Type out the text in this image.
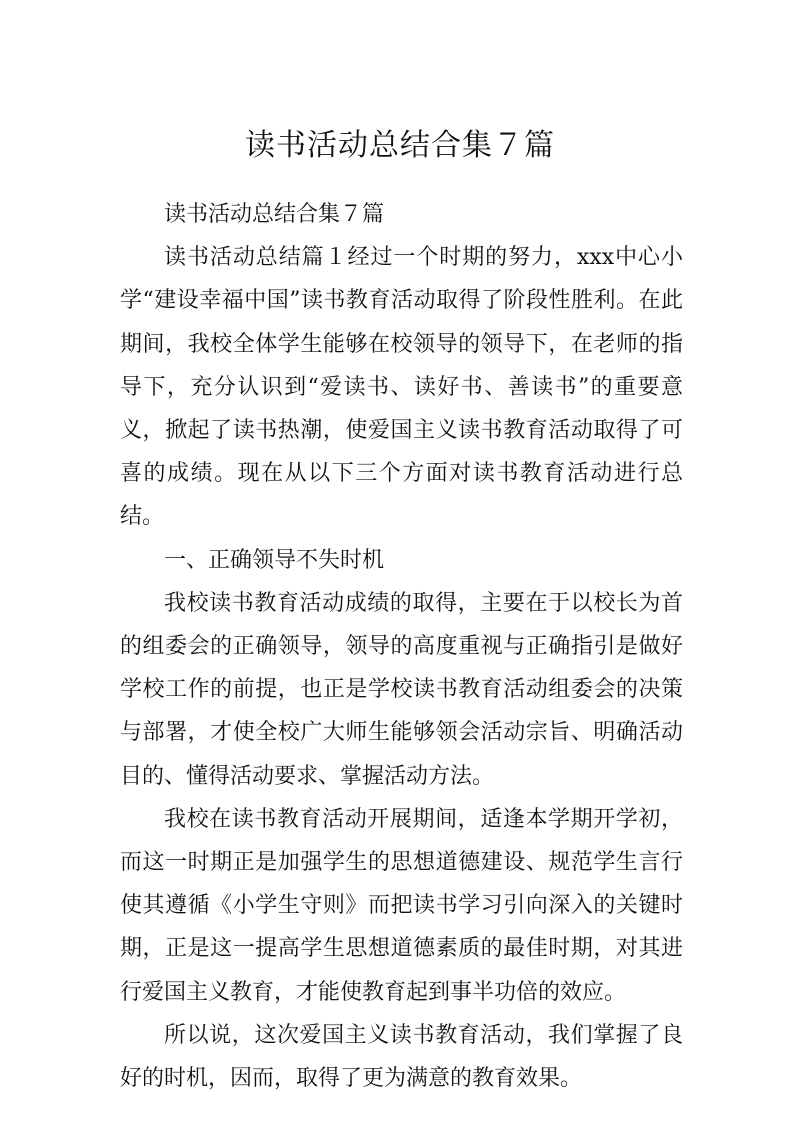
读书活动总结合集７篇

读书活动总结合集７篇

读书活动总结篇１经过一个时期的努力，xxx中心小学“建设幸福中国”读书教育活动取得了阶段性胜利。在此期间，我校全体学生能够在校领导的领导下，在老师的指导下，充分认识到“爱读书、读好书、善读书”的重要意义，掀起了读书热潮，使爱国主义读书教育活动取得了可喜的成绩。现在从以下三个方面对读书教育活动进行总结。

一、正确领导不失时机

我校读书教育活动成绩的取得，主要在于以校长为首的组委会的正确领导，领导的高度重视与正确指引是做好学校工作的前提，也正是学校读书教育活动组委会的决策与部署，才使全校广大师生能够领会活动宗旨、明确活动目的、懂得活动要求、掌握活动方法。

我校在读书教育活动开展期间，适逢本学期开学初，而这一时期正是加强学生的思想道德建设、规范学生言行使其遵循《小学生守则》而把读书学习引向深入的关键时期，正是这一提高学生思想道德素质的最佳时期，对其进行爱国主义教育，才能使教育起到事半功倍的效应。

所以说，这次爱国主义读书教育活动，我们掌握了良好的时机，因而，取得了更为满意的教育效果。
